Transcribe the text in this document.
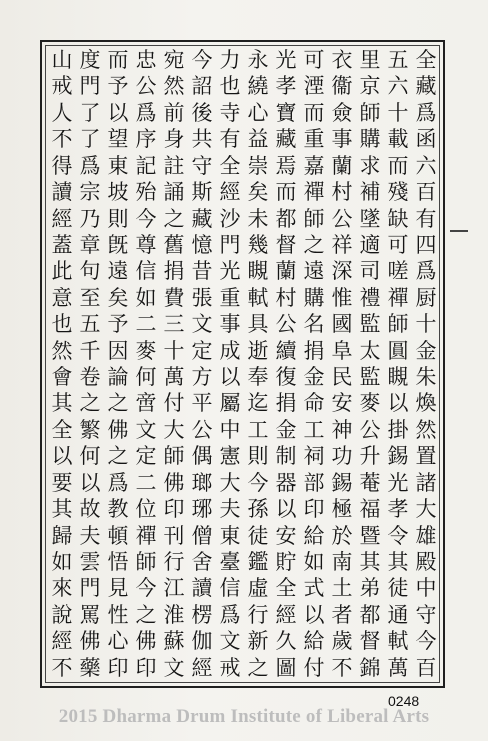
全
藏
爲
函
六
百
有
四
爲
厨
十
金
朱
煥
然
置
諸
大
雄
殿
中
守
今
百
五
六
十
載
而
殘
缺
可
嗟
禪
師
圓
瞡
以
掛
錫
光
孝
令
其
徒
通
軾
萬
里
京
師
購
求
補
墜
適
司
禮
監
太
監
麥
公
升
菴
福
暨
其
弟
都
督
錦
衣
衞
僉
事
蘭
村
公
祥
深
惟
國
阜
民
安
神
功
錫
極
於
南
土
者
歲
不
可
湮
而
重
嘉
禪
師
之
遠
購
名
捐
金
命
工
祠
部
印
給
如
式
以
給
付
光
孝
寶
藏
焉
而
都
督
蘭
村
公
續
復
捐
金
制
器
以
安
貯
全
經
久
圖
永
繞
心
益
崇
矣
未
幾
瞡
軾
具
逝
奉
迄
工
則
今
孫
徒
鑑
虛
行
新
之
力
也
寺
有
全
經
沙
門
光
重
事
成
以
屬
中
憲
大
夫
東
臺
信
爲
文
戒
今
詔
後
共
守
斯
藏
憶
昔
張
文
定
方
平
公
偶
瑯
琊
僧
舍
讀
楞
伽
經
宛
然
前
身
註
誦
之
舊
捐
費
三
十
萬
付
大
師
佛
印
刊
行
江
淮
蘇
文
忠
公
爲
序
記
殆
今
尊
信
如
二
麥
何
啻
文
定
二
位
禪
師
今
之
佛
印
而
予
以
望
東
坡
則
旣
遠
矣
予
因
論
之
佛
之
爲
教
頓
悟
見
性
心
印
度
門
了
了
爲
宗
乃
章
句
至
五
千
卷
之
繁
何
以
故
夫
雲
門
罵
佛
藥
山
戒
人
不
得
讀
經
蓋
此
意
也
然
會
其
全
以
要
其
歸
如
來
說
經
不
0248
2015 Dharma Drum Institute of Liberal Arts
